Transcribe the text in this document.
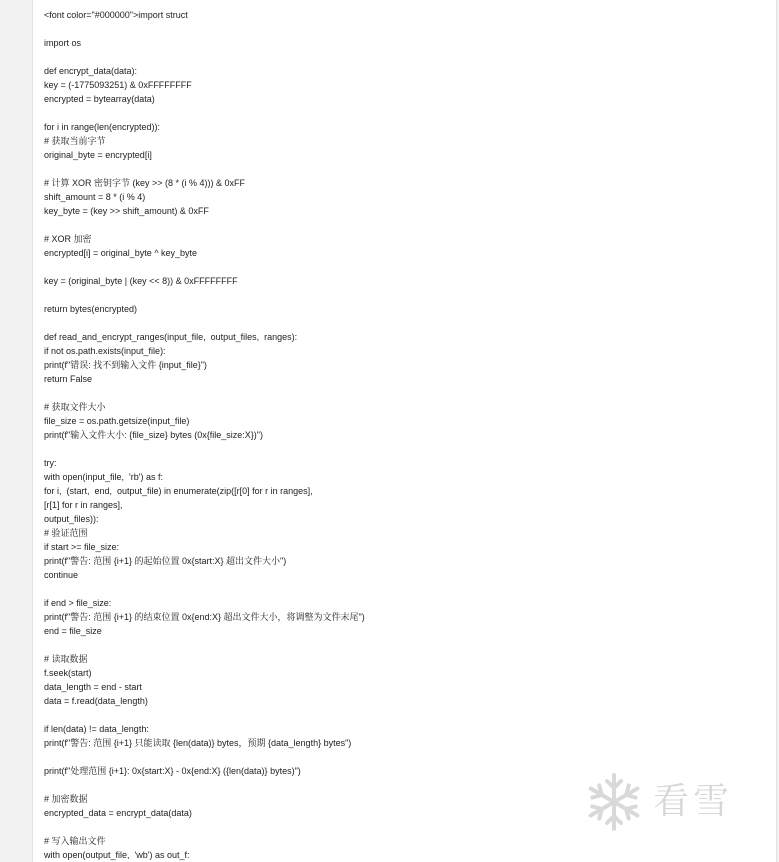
<font color="#000000">import struct
import os
def encrypt_data(data):
key = (-1775093251) & 0xFFFFFFFF
encrypted = bytearray(data)
for i in range(len(encrypted)):
# 获取当前字节
original_byte = encrypted[i]
# 计算 XOR 密钥字节 (key >> (8 * (i % 4))) & 0xFF
shift_amount = 8 * (i % 4)
key_byte = (key >> shift_amount) & 0xFF
# XOR 加密
encrypted[i] = original_byte ^ key_byte
key = (original_byte | (key << 8)) & 0xFFFFFFFF
return bytes(encrypted)
def read_and_encrypt_ranges(input_file,  output_files,  ranges):
if not os.path.exists(input_file):
print(f"错误: 找不到输入文件 {input_file}")
return False
# 获取文件大小
file_size = os.path.getsize(input_file)
print(f"输入文件大小: {file_size} bytes (0x{file_size:X})")
try:
with open(input_file,  'rb') as f:
for i,  (start,  end,  output_file) in enumerate(zip([r[0] for r in ranges],
[r[1] for r in ranges],
output_files)):
# 验证范围
if start >= file_size:
print(f"警告: 范围 {i+1} 的起始位置 0x{start:X} 超出文件大小")
continue
if end > file_size:
print(f"警告: 范围 {i+1} 的结束位置 0x{end:X} 超出文件大小，将调整为文件末尾")
end = file_size
# 读取数据
f.seek(start)
data_length = end - start
data = f.read(data_length)
if len(data) != data_length:
print(f"警告: 范围 {i+1} 只能读取 {len(data)} bytes，预期 {data_length} bytes")
print(f"处理范围 {i+1}: 0x{start:X} - 0x{end:X} ({len(data)} bytes)")
# 加密数据
encrypted_data = encrypt_data(data)
# 写入输出文件
with open(output_file,  'wb') as out_f:
看雪
